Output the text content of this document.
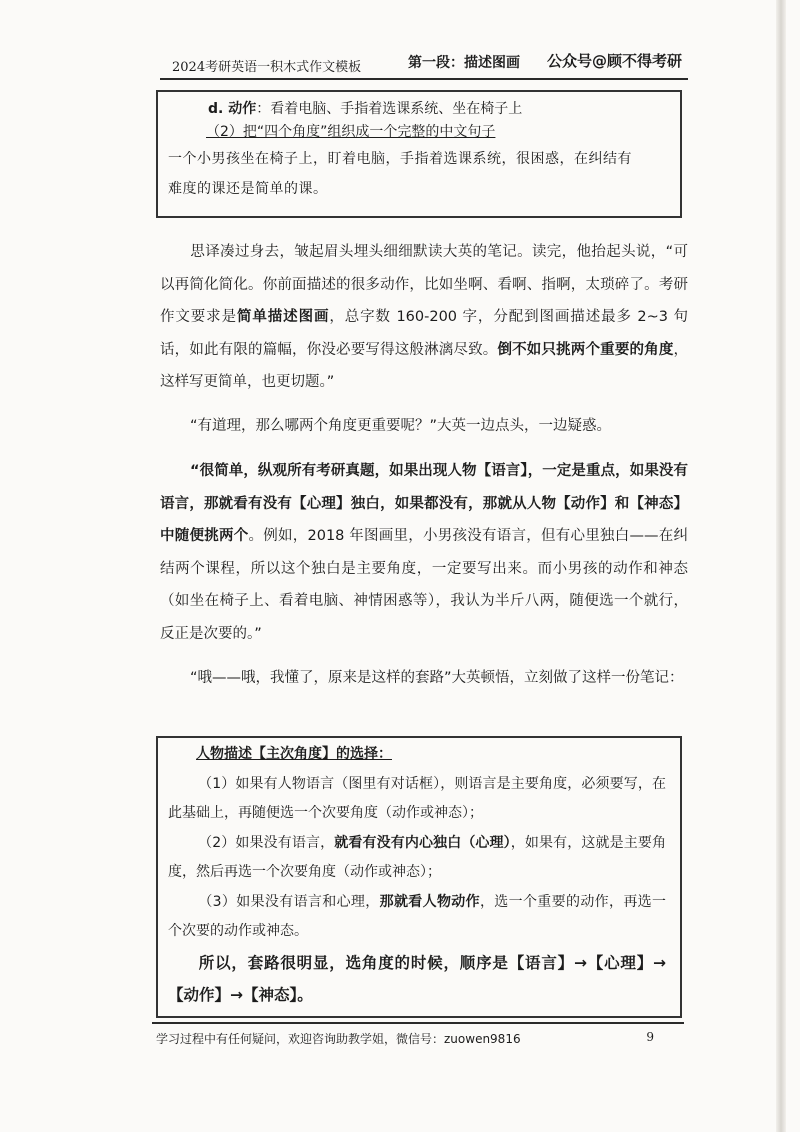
2024考研英语一积木式作文模板	第一段：描述图画 公众号@顾不得考研
d. 动作：看着电脑、手指着选课系统、坐在椅子上
（2）把“四个角度”组织成一个完整的中文句子
一个小男孩坐在椅子上，盯着电脑，手指着选课系统，很困惑，在纠结有
难度的课还是简单的课。
思译凑过身去，皱起眉头埋头细细默读大英的笔记。读完，他抬起头说，“可以再简化简化。你前面描述的很多动作，比如坐啊、看啊、指啊，太琐碎了。考研作文要求是简单描述图画，总字数 160-200 字，分配到图画描述最多 2~3 句话，如此有限的篇幅，你没必要写得这般淋漓尽致。倒不如只挑两个重要的角度，这样写更简单，也更切题。”
“有道理，那么哪两个角度更重要呢？”大英一边点头，一边疑惑。
“很简单，纵观所有考研真题，如果出现人物【语言】，一定是重点，如果没有语言，那就看有没有【心理】独白，如果都没有，那就从人物【动作】和【神态】中随便挑两个。例如，2018 年图画里，小男孩没有语言，但有心里独白——在纠结两个课程，所以这个独白是主要角度，一定要写出来。而小男孩的动作和神态（如坐在椅子上、看着电脑、神情困惑等），我认为半斤八两，随便选一个就行，反正是次要的。”
“哦——哦，我懂了，原来是这样的套路”大英顿悟，立刻做了这样一份笔记：
人物描述【主次角度】的选择：
（1）如果有人物语言（图里有对话框），则语言是主要角度，必须要写，在此基础上，再随便选一个次要角度（动作或神态）；
（2）如果没有语言，就看有没有内心独白（心理），如果有，这就是主要角度，然后再选一个次要角度（动作或神态）；
（3）如果没有语言和心理，那就看人物动作，选一个重要的动作，再选一个次要的动作或神态。
所以，套路很明显，选角度的时候，顺序是【语言】→【心理】→【动作】→【神态】。
学习过程中有任何疑问，欢迎咨询助教学姐，微信号：zuowen9816	9
